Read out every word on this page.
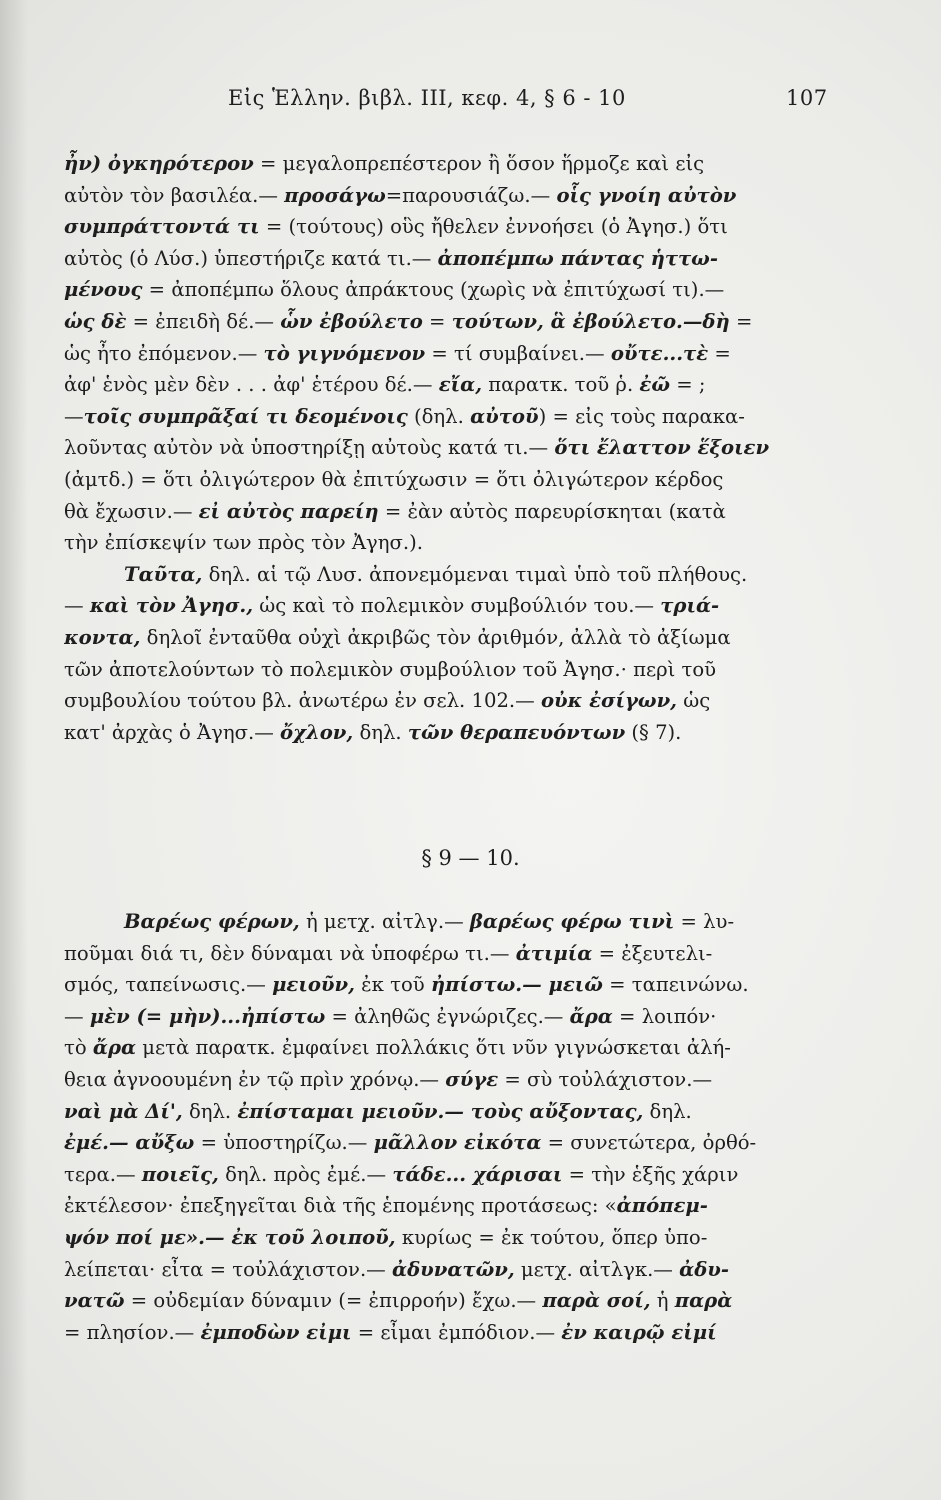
Εἰς Ἑλλην. βιβλ. ΙΙΙ, κεφ. 4, § 6 - 10	107
ἦν) ὀγκηρότερον = μεγαλοπρεπέστερον ἢ ὅσον ἥρμοζε καὶ εἰς
αὐτὸν τὸν βασιλέα.— προσάγω=παρουσιάζω.— οἷς γνοίη αὐτὸν
συμπράττοντά τι = (τούτους) οὓς ἤθελεν ἐννοήσει (ὁ Ἀγησ.) ὅτι
αὐτὸς (ὁ Λύσ.) ὑπεστήριζε κατά τι.— ἀποπέμπω πάντας ἡττω-
μένους = ἀποπέμπω ὅλους ἀπράκτους (χωρὶς νὰ ἐπιτύχωσί τι).—
ὡς δὲ = ἐπειδὴ δέ.— ὧν ἐβούλετο = τούτων, ἃ ἐβούλετο.—δὴ =
ὡς ἦτο ἐπόμενον.— τὸ γιγνόμενον = τί συμβαίνει.— οὔτε...τὲ =
ἀφ' ἑνὸς μὲν δὲν . . . ἀφ' ἑτέρου δέ.— εἴα, παρατκ. τοῦ ῥ. ἐῶ = ;
—τοῖς συμπρᾶξαί τι δεομένοις (δηλ. αὐτοῦ) = εἰς τοὺς παρακα-
λοῦντας αὐτὸν νὰ ὑποστηρίξῃ αὐτοὺς κατά τι.— ὅτι ἔλαττον ἕξοιεν
(ἀμτδ.) = ὅτι ὀλιγώτερον θὰ ἐπιτύχωσιν = ὅτι ὀλιγώτερον κέρδος
θὰ ἔχωσιν.— εἰ αὐτὸς παρείη = ἐὰν αὐτὸς παρευρίσκηται (κατὰ
τὴν ἐπίσκεψίν των πρὸς τὸν Ἀγησ.).
Ταῦτα, δηλ. αἱ τῷ Λυσ. ἀπονεμόμεναι τιμαὶ ὑπὸ τοῦ πλήθους.
— καὶ τὸν Ἀγησ., ὡς καὶ τὸ πολεμικὸν συμβούλιόν του.— τριά-
κοντα, δηλοῖ ἐνταῦθα οὐχὶ ἀκριβῶς τὸν ἀριθμόν, ἀλλὰ τὸ ἀξίωμα
τῶν ἀποτελούντων τὸ πολεμικὸν συμβούλιον τοῦ Ἀγησ.· περὶ τοῦ
συμβουλίου τούτου βλ. ἀνωτέρω ἐν σελ. 102.— οὐκ ἐσίγων, ὡς
κατ' ἀρχὰς ὁ Ἀγησ.— ὄχλον, δηλ. τῶν θεραπευόντων (§ 7).
§ 9 — 10.
Βαρέως φέρων, ἡ μετχ. αἰτλγ.— βαρέως φέρω τινὶ = λυ-
ποῦμαι διά τι, δὲν δύναμαι νὰ ὑποφέρω τι.— ἀτιμία = ἐξευτελι-
σμός, ταπείνωσις.— μειοῦν, ἐκ τοῦ ἠπίστω.— μειῶ = ταπεινώνω.
— μὲν (= μὴν)...ἠπίστω = ἀληθῶς ἐγνώριζες.— ἄρα = λοιπόν·
τὸ ἄρα μετὰ παρατκ. ἐμφαίνει πολλάκις ὅτι νῦν γιγνώσκεται ἀλή-
θεια ἀγνοουμένη ἐν τῷ πρὶν χρόνῳ.— σύγε = σὺ τοὐλάχιστον.—
ναὶ μὰ Δί', δηλ. ἐπίσταμαι μειοῦν.— τοὺς αὔξοντας, δηλ.
ἐμέ.— αὔξω = ὑποστηρίζω.— μᾶλλον εἰκότα = συνετώτερα, ὀρθό-
τερα.— ποιεῖς, δηλ. πρὸς ἐμέ.— τάδε... χάρισαι = τὴν ἑξῆς χάριν
ἐκτέλεσον· ἐπεξηγεῖται διὰ τῆς ἑπομένης προτάσεως: «ἀπόπεμ-
ψόν ποί με».— ἐκ τοῦ λοιποῦ, κυρίως = ἐκ τούτου, ὅπερ ὑπο-
λείπεται· εἶτα = τοὐλάχιστον.— ἀδυνατῶν, μετχ. αἰτλγκ.— ἀδυ-
νατῶ = οὐδεμίαν δύναμιν (= ἐπιρροήν) ἔχω.— παρὰ σοί, ἡ παρὰ
= πλησίον.— ἐμποδὼν εἰμι = εἶμαι ἐμπόδιον.— ἐν καιρῷ εἰμί
